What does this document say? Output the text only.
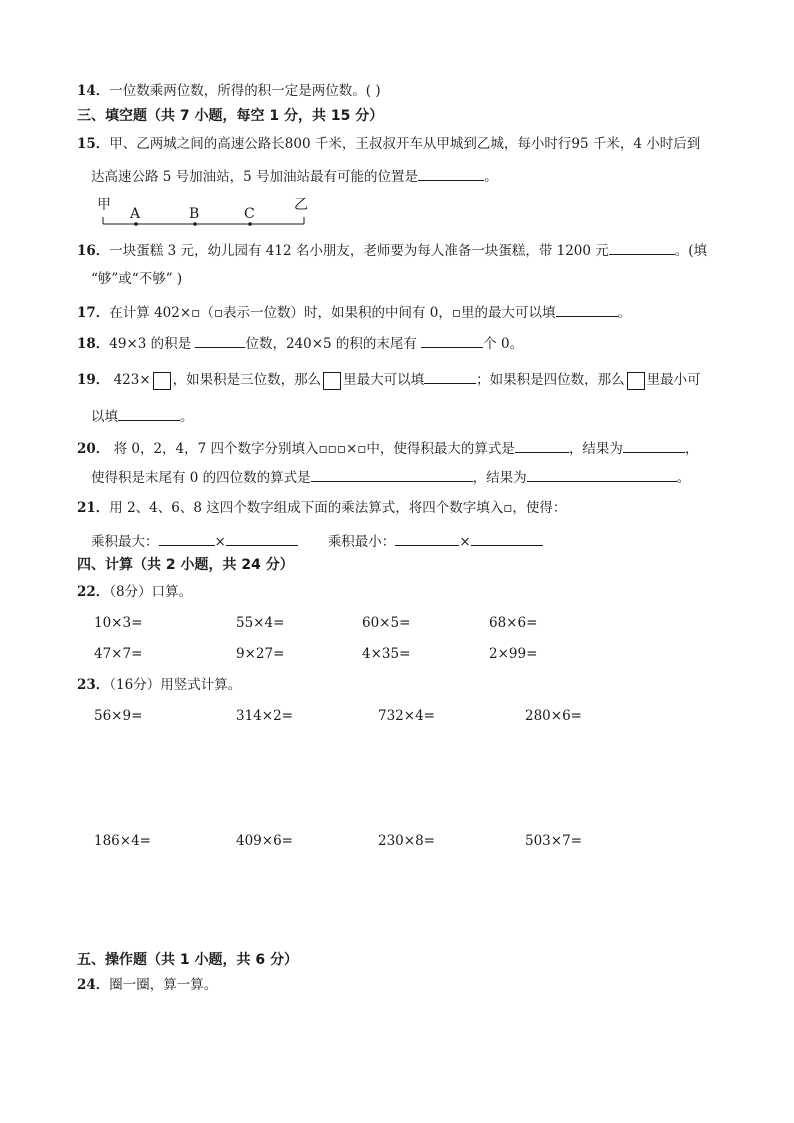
14．一位数乘两位数，所得的积一定是两位数。( )
三、填空题（共 7 小题，每空 1 分，共 15 分）
15．甲、乙两城之间的高速公路长800 千米，王叔叔开车从甲城到乙城，每小时行95 千米，4 小时后到
达高速公路 5 号加油站，5 号加油站最有可能的位置是	。
甲	乙
A	B	C
16．一块蛋糕 3 元，幼儿园有 412 名小朋友，老师要为每人准备一块蛋糕，带 1200 元	。(填
“够”或“不够” )
17．在计算 402×▫（▫表示一位数）时，如果积的中间有 0，▫里的最大可以填	。
18．49×3 的积是	位数，240×5 的积的末尾有	个 0。
19． 423× ，如果积是三位数，那么 里最大可以填	；如果积是四位数，那么 里最小可
以填	。
20． 将 0，2，4，7 四个数字分别填入▫▫▫×▫中，使得积最大的算式是	，结果为	，
使得积是末尾有 0 的四位数的算式是	，结果为	。
21．用 2、4、6、8 这四个数字组成下面的乘法算式，将四个数字填入▫，使得：
乘积最大：	×	乘积最小：	×
四、计算（共 2 小题，共 24 分）
22．（8分）口算。
10×3=	55×4=	60×5=	68×6=
47×7=	9×27=	4×35=	2×99=
23．（16分）用竖式计算。
56×9=	314×2=	732×4=	280×6=
186×4=	409×6=	230×8=	503×7=
五、操作题（共 1 小题，共 6 分）
24．圈一圈，算一算。
